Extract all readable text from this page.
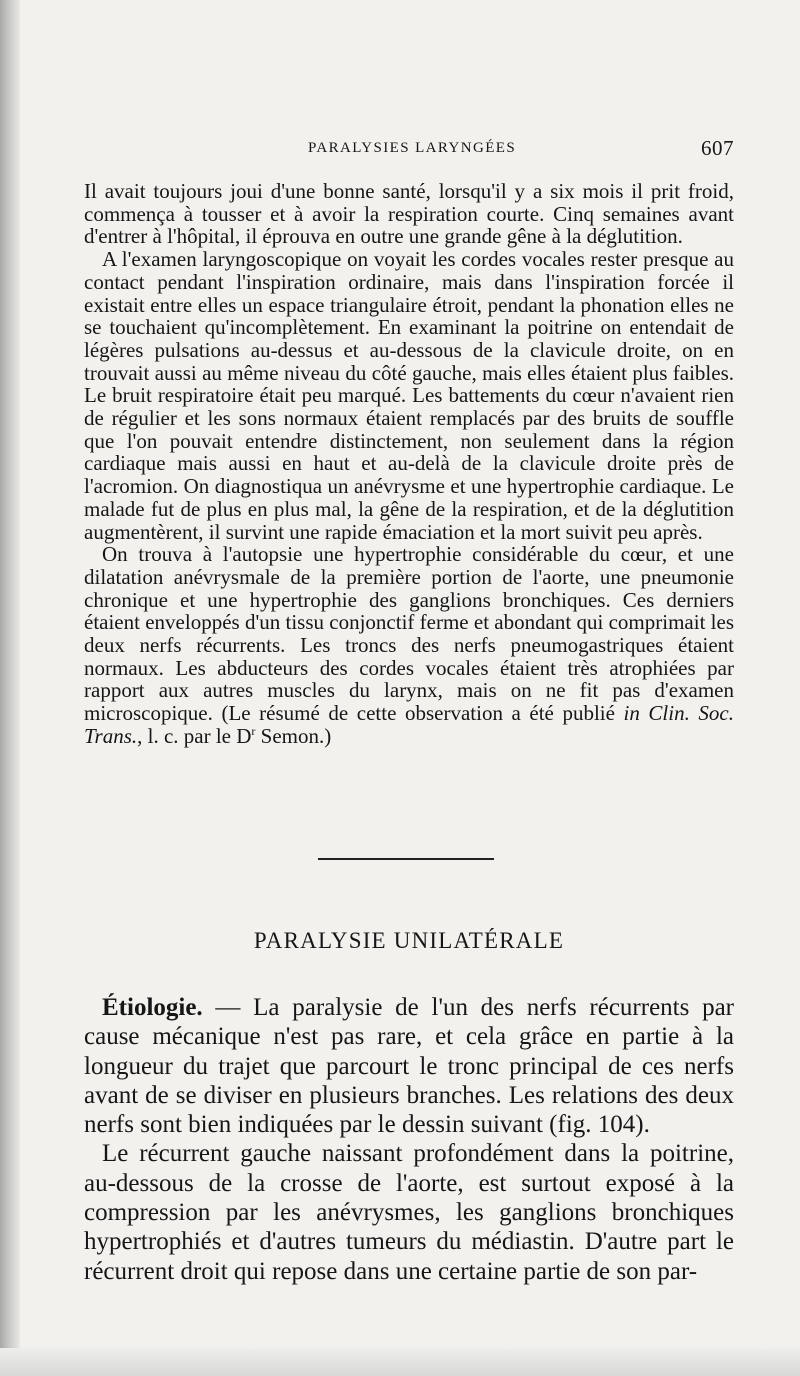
PARALYSIES LARYNGÉES	607

Il avait toujours joui d'une bonne santé, lorsqu'il y a six mois il prit froid, commença à tousser et à avoir la respiration courte. Cinq semaines avant d'entrer à l'hôpital, il éprouva en outre une grande gêne à la déglutition.

A l'examen laryngoscopique on voyait les cordes vocales rester presque au contact pendant l'inspiration ordinaire, mais dans l'inspiration forcée il existait entre elles un espace triangulaire étroit, pendant la phonation elles ne se touchaient qu'incomplètement. En examinant la poitrine on entendait de légères pulsations au-dessus et au-dessous de la clavicule droite, on en trouvait aussi au même niveau du côté gauche, mais elles étaient plus faibles. Le bruit respiratoire était peu marqué. Les battements du cœur n'avaient rien de régulier et les sons normaux étaient remplacés par des bruits de souffle que l'on pouvait entendre distinctement, non seulement dans la région cardiaque mais aussi en haut et au-delà de la clavicule droite près de l'acromion. On diagnostiqua un anévrysme et une hypertrophie cardiaque. Le malade fut de plus en plus mal, la gêne de la respiration, et de la déglutition augmentèrent, il survint une rapide émaciation et la mort suivit peu après.

On trouva à l'autopsie une hypertrophie considérable du cœur, et une dilatation anévrysmale de la première portion de l'aorte, une pneumonie chronique et une hypertrophie des ganglions bronchiques. Ces derniers étaient enveloppés d'un tissu conjonctif ferme et abondant qui comprimait les deux nerfs récurrents. Les troncs des nerfs pneumogastriques étaient normaux. Les abducteurs des cordes vocales étaient très atrophiées par rapport aux autres muscles du larynx, mais on ne fit pas d'examen microscopique. (Le résumé de cette observation a été publié in Clin. Soc. Trans., l. c. par le $D^r$ Semon.)

PARALYSIE UNILATÉRALE

Étiologie. — La paralysie de l'un des nerfs récurrents par cause mécanique n'est pas rare, et cela grâce en partie à la longueur du trajet que parcourt le tronc principal de ces nerfs avant de se diviser en plusieurs branches. Les relations des deux nerfs sont bien indiquées par le dessin suivant (fig. 104).

Le récurrent gauche naissant profondément dans la poitrine, au-dessous de la crosse de l'aorte, est surtout exposé à la compression par les anévrysmes, les ganglions bronchiques hypertrophiés et d'autres tumeurs du médiastin. D'autre part le récurrent droit qui repose dans une certaine partie de son par-
